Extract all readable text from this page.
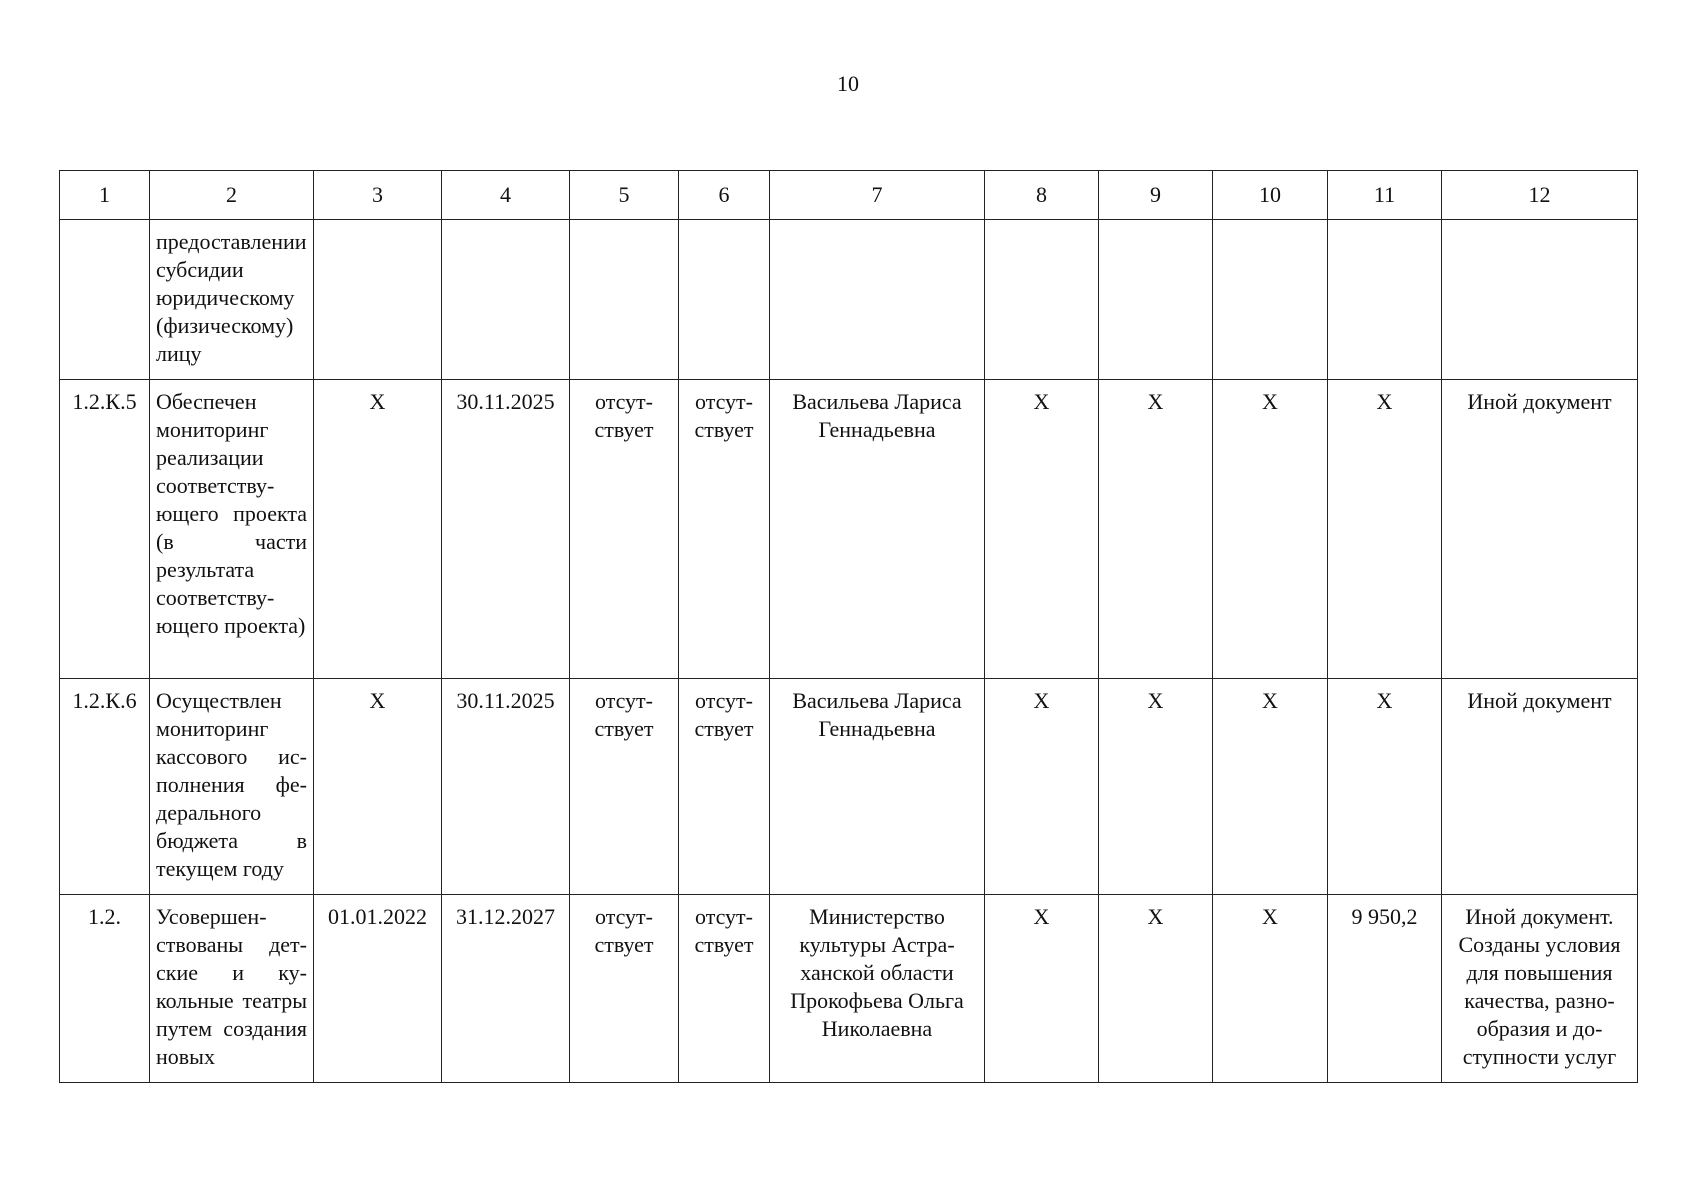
10
1	2	3	4	5	6	7	8	9	10	11	12
	предоставлении субсидии юридическому (физическому) лицу										
1.2.К.5	Обеспечен мониторинг реализации соответствующего проекта (в части результата соответствующего проекта)	Х	30.11.2025	отсутствует	отсутствует	Васильева Лариса Геннадьевна	Х	Х	Х	Х	Иной документ
1.2.К.6	Осуществлен мониторинг кассового исполнения федерального бюджета в текущем году	Х	30.11.2025	отсутствует	отсутствует	Васильева Лариса Геннадьевна	Х	Х	Х	Х	Иной документ
1.2.	Усовершенствованы детские и кукольные театры путем создания новых	01.01.2022	31.12.2027	отсутствует	отсутствует	Министерство культуры Астраханской области Прокофьева Ольга Николаевна	Х	Х	Х	9 950,2	Иной документ. Созданы условия для повышения качества, разнообразия и доступности услуг
